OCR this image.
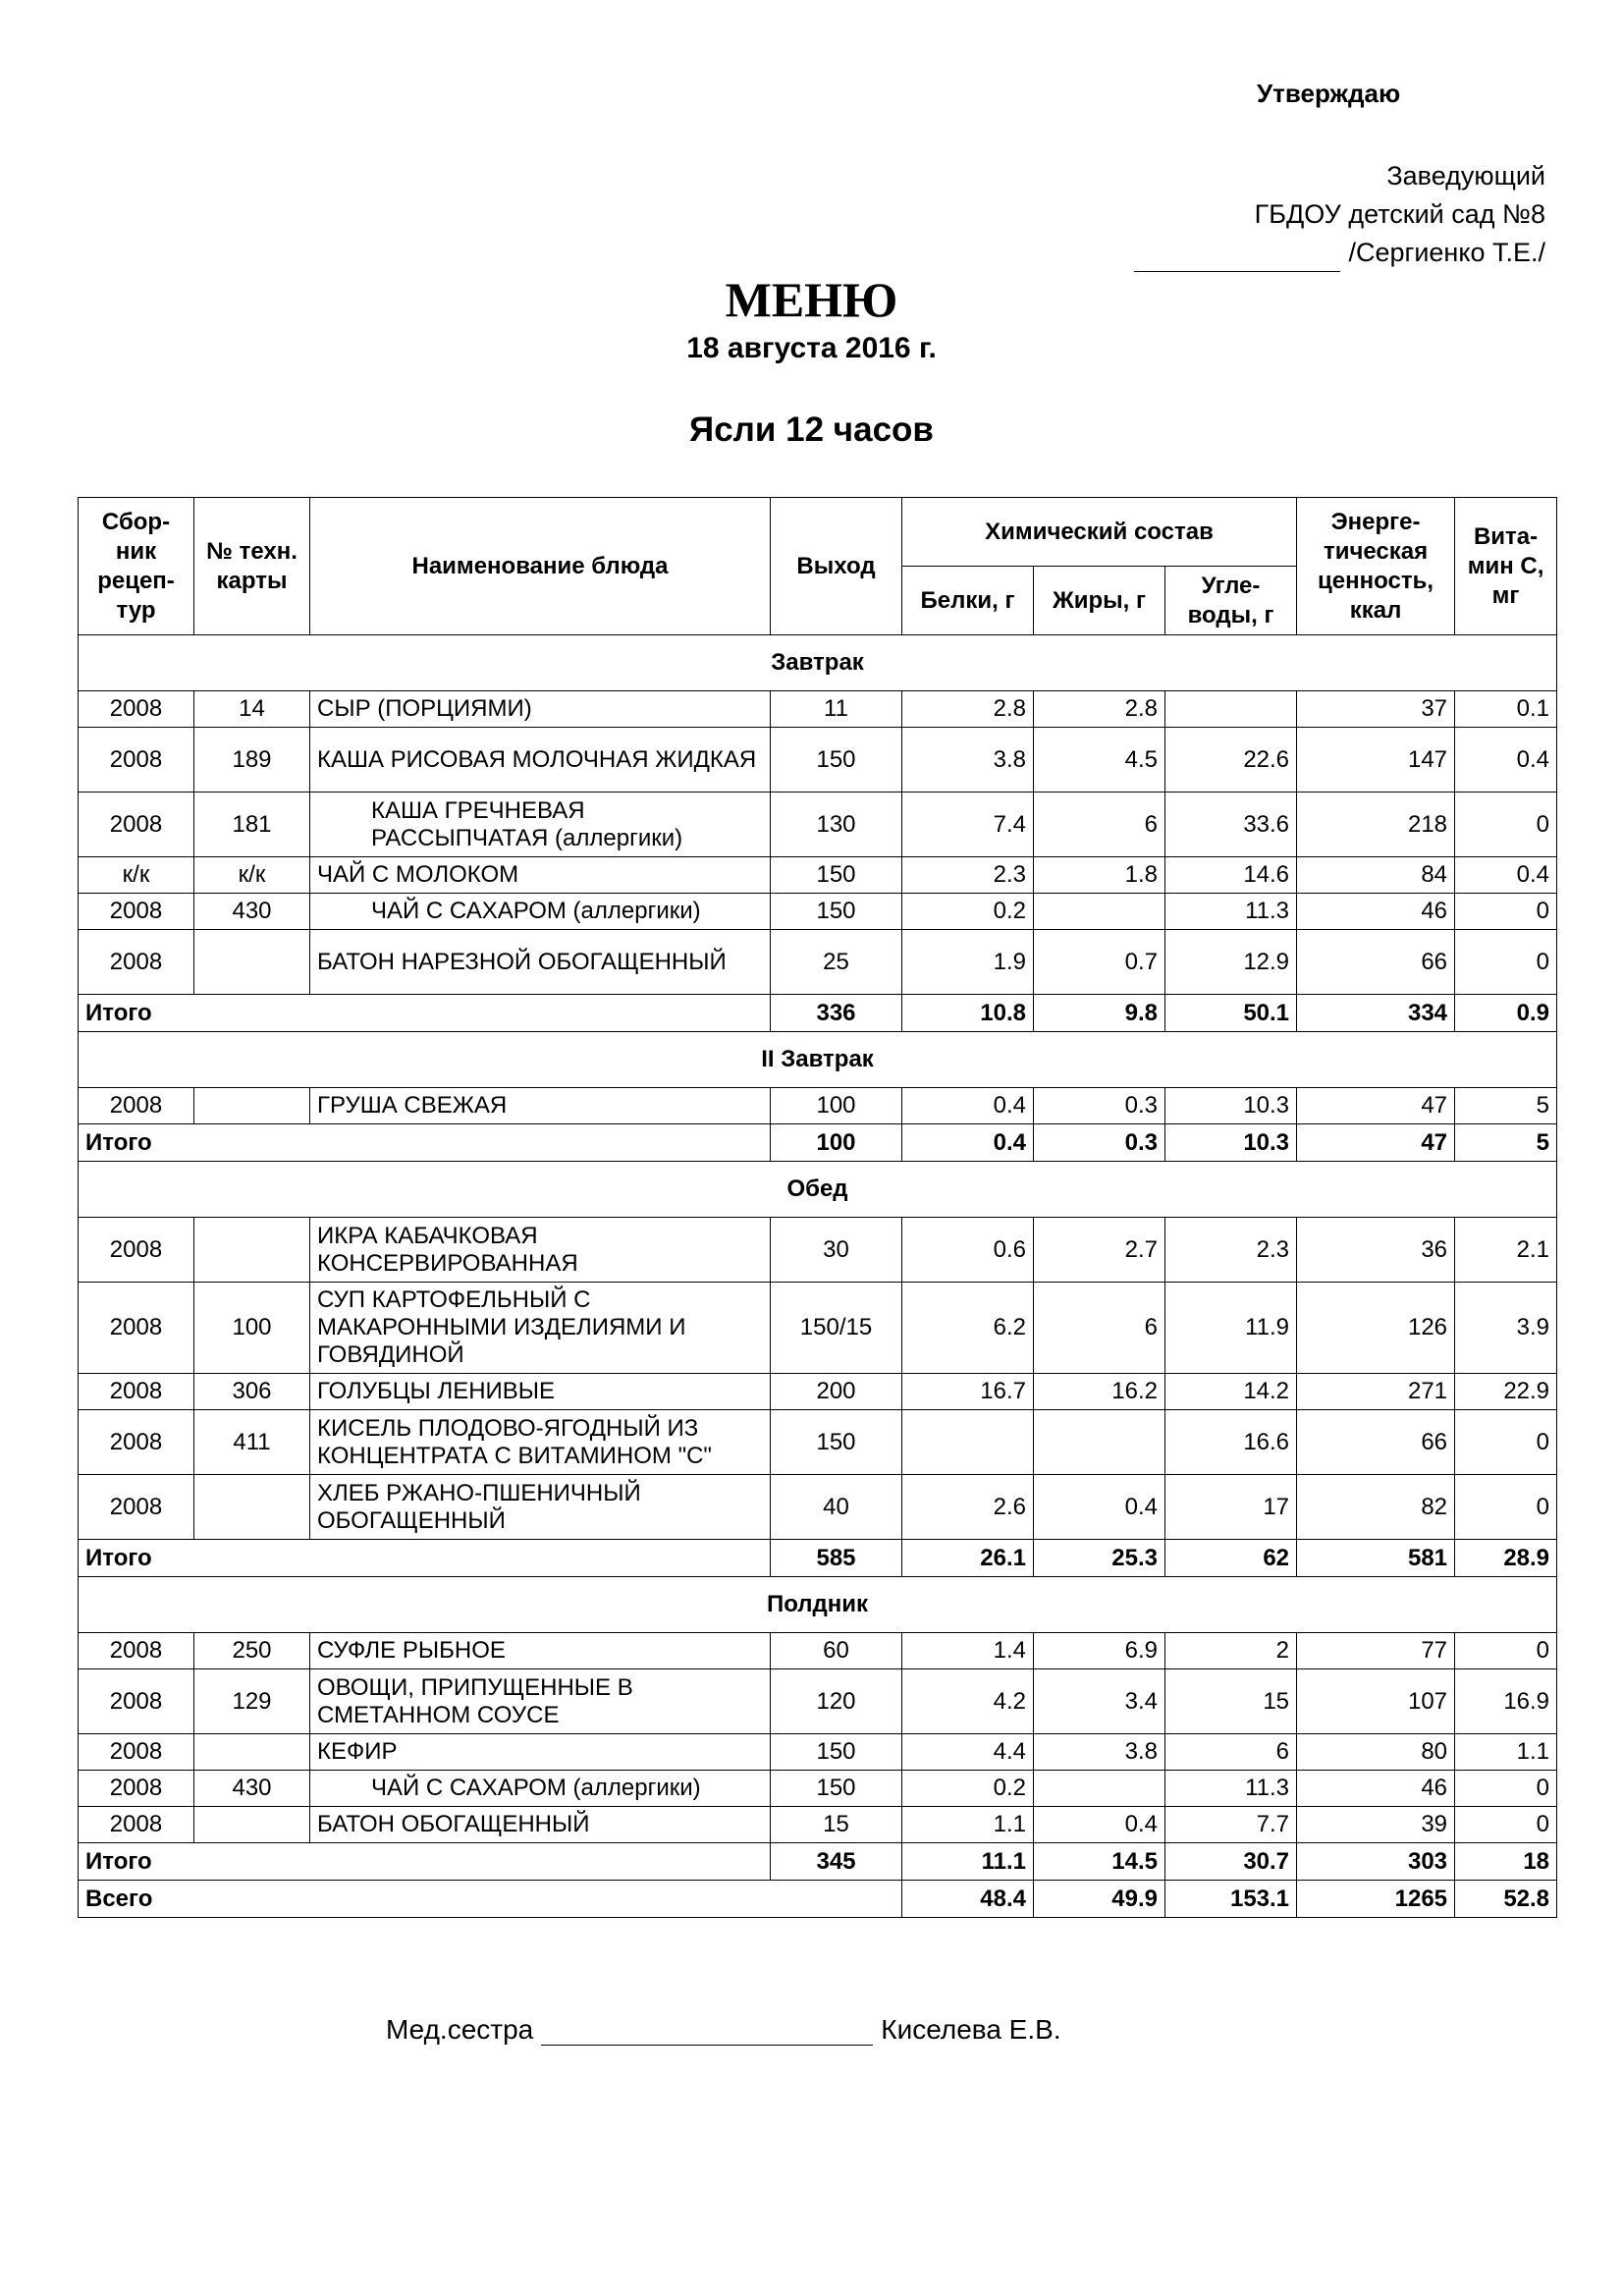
Утверждаю
Заведующий
ГБДОУ детский сад №8
/Сергиенко Т.Е./
МЕНЮ
18 августа 2016 г.
Ясли 12 часов
Сбор-ник рецеп-тур	№ техн. карты	Наименование блюда	Выход	Химический состав			Энерге-тическая ценность, ккал	Вита-мин С, мг
				Белки, г	Жиры, г	Угле-воды, г		
Завтрак								
2008	14	СЫР (ПОРЦИЯМИ)	11	2.8	2.8		37	0.1
2008	189	КАША РИСОВАЯ МОЛОЧНАЯ ЖИДКАЯ	150	3.8	4.5	22.6	147	0.4
2008	181	КАША ГРЕЧНЕВАЯ РАССЫПЧАТАЯ (аллергики)	130	7.4	6	33.6	218	0
к/к	к/к	ЧАЙ С МОЛОКОМ	150	2.3	1.8	14.6	84	0.4
2008	430	ЧАЙ С САХАРОМ (аллергики)	150	0.2		11.3	46	0
2008		БАТОН НАРЕЗНОЙ ОБОГАЩЕННЫЙ	25	1.9	0.7	12.9	66	0
Итого			336	10.8	9.8	50.1	334	0.9
II Завтрак								
2008		ГРУША СВЕЖАЯ	100	0.4	0.3	10.3	47	5
Итого			100	0.4	0.3	10.3	47	5
Обед								
2008		ИКРА КАБАЧКОВАЯ КОНСЕРВИРОВАННАЯ	30	0.6	2.7	2.3	36	2.1
2008	100	СУП КАРТОФЕЛЬНЫЙ С МАКАРОННЫМИ ИЗДЕЛИЯМИ И ГОВЯДИНОЙ	150/15	6.2	6	11.9	126	3.9
2008	306	ГОЛУБЦЫ ЛЕНИВЫЕ	200	16.7	16.2	14.2	271	22.9
2008	411	КИСЕЛЬ ПЛОДОВО-ЯГОДНЫЙ ИЗ КОНЦЕНТРАТА С ВИТАМИНОМ "С"	150			16.6	66	0
2008		ХЛЕБ РЖАНО-ПШЕНИЧНЫЙ ОБОГАЩЕННЫЙ	40	2.6	0.4	17	82	0
Итого			585	26.1	25.3	62	581	28.9
Полдник								
2008	250	СУФЛЕ РЫБНОЕ	60	1.4	6.9	2	77	0
2008	129	ОВОЩИ, ПРИПУЩЕННЫЕ В СМЕТАННОМ СОУСЕ	120	4.2	3.4	15	107	16.9
2008		КЕФИР	150	4.4	3.8	6	80	1.1
2008	430	ЧАЙ С САХАРОМ (аллергики)	150	0.2		11.3	46	0
2008		БАТОН ОБОГАЩЕННЫЙ	15	1.1	0.4	7.7	39	0
Итого			345	11.1	14.5	30.7	303	18
Всего				48.4	49.9	153.1	1265	52.8
Мед.сестра	Киселева Е.В.
